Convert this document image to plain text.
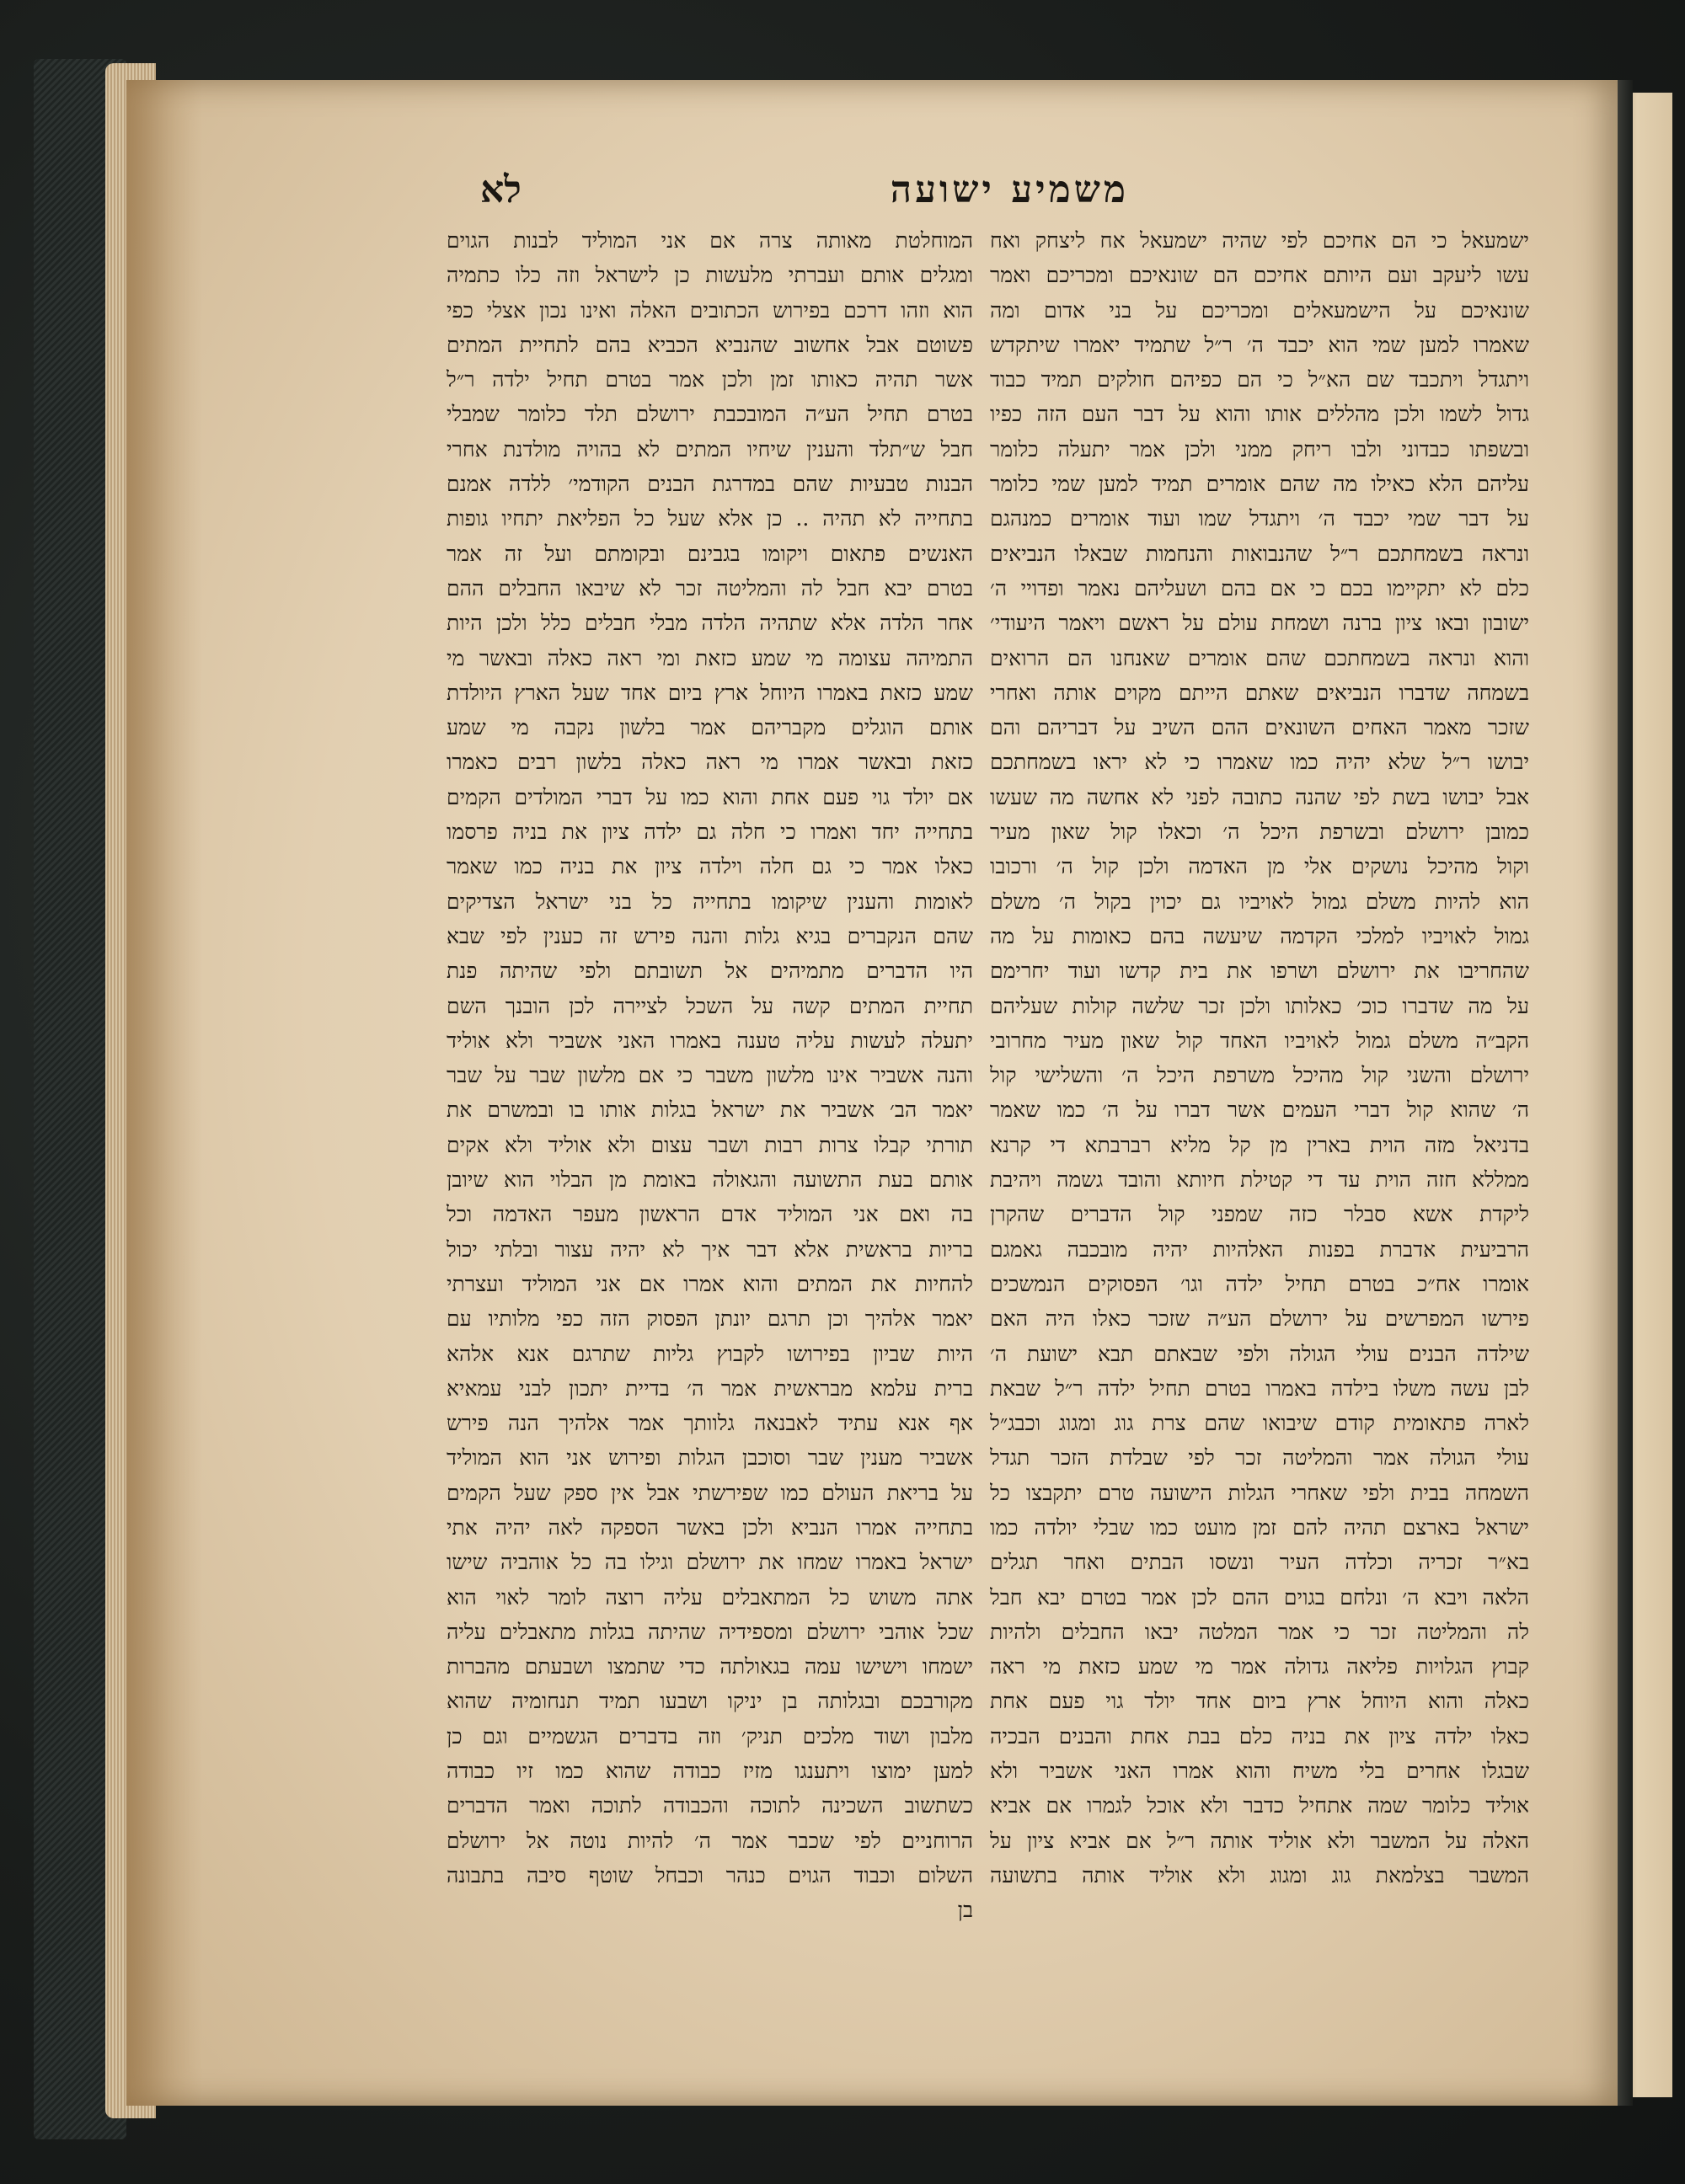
משמיע ישועה
לא
ישמעאל כי הם אחיכם לפי שהיה ישמעאל אח ליצחק ואח
עשו ליעקב ועם היותם אחיכם הם שונאיכם ומכריכם ואמר
שונאיכם על הישמעאלים ומכריכם על בני אדום ומה
שאמרו למען שמי הוא יכבד ה׳ ר״ל שתמיד יאמרו שיתקדש
ויתגדל ויתכבד שם הא״ל כי הם כפיהם חולקים תמיד כבוד
גדול לשמו ולכן מהללים אותו והוא על דבר העם הזה כפיו
ובשפתו כבדוני ולבו ריחק ממני ולכן אמר יתעלה כלומר
עליהם הלא כאילו מה שהם אומרים תמיד למען שמי כלומר
על דבר שמי יכבד ה׳ ויתגדל שמו ועוד אומרים כמנהגם
ונראה בשמחתכם ר״ל שהנבואות והנחמות שבאלו הנביאים
כלם לא יתקיימו בכם כי אם בהם ושעליהם נאמר ופדויי ה׳
ישובון ובאו ציון ברנה ושמחת עולם על ראשם ויאמר היעודי׳
והוא ונראה בשמחתכם שהם אומרים שאנחנו הם הרואים
בשמחה שדברו הנביאים שאתם הייתם מקוים אותה ואחרי
שזכר מאמר האחים השונאים ההם השיב על דבריהם והם
יבושו ר״ל שלא יהיה כמו שאמרו כי לא יראו בשמחתכם
אבל יבושו בשת לפי שהנה כתובה לפני לא אחשה מה שעשו
כמובן ירושלם ובשרפת היכל ה׳ וכאלו קול שאון מעיר
וקול מהיכל נושקים אלי מן האדמה ולכן קול ה׳ ורכובו
הוא להיות משלם גמול לאויביו גם יכוין בקול ה׳ משלם
גמול לאויביו למלכי הקדמה שיעשה בהם כאומות על מה
שהחריבו את ירושלם ושרפו את בית קדשו ועוד יחרימם
על מה שדברו כוכ׳ כאלותו ולכן זכר שלשה קולות שעליהם
הקב״ה משלם גמול לאויביו האחד קול שאון מעיר מחרובי
ירושלם והשני קול מהיכל משרפת היכל ה׳ והשלישי קול
ה׳ שהוא קול דברי העמים אשר דברו על ה׳ כמו שאמר
בדניאל מזה הוית בארין מן קל מליא רברבתא די קרנא
ממללא חזה הוית עד די קטילת חיותא והובד גשמה ויהיבת
ליקדת אשא סבלר כזה שמפני קול הדברים שהקרן
הרביעית אדברת בפנות האלהיות יהיה מובכבה גאמגם
אומרו אח״כ בטרם תחיל ילדה וגו׳ הפסוקים הנמשכים
פירשו המפרשים על ירושלם הע״ה שזכר כאלו היה האם
שילדה הבנים עולי הגולה ולפי שבאתם תבא ישועת ה׳
לבן עשה משלו בילדה באמרו בטרם תחיל ילדה ר״ל שבאת
לארה פתאומית קודם שיבואו שהם צרת גוג ומגוג וכבג״ל
עולי הגולה אמר והמליטה זכר לפי שבלדת הזכר תגדל
השמחה בבית ולפי שאחרי הגלות הישועה טרם יתקבצו כל
ישראל בארצם תהיה להם זמן מועט כמו שבלי יולדה כמו
בא״ר זכריה וכלדה העיר ונשסו הבתים ואחר תגלים
הלאה ויבא ה׳ ונלחם בגוים ההם לכן אמר בטרם יבא חבל
לה והמליטה זכר כי אמר המלטה יבאו החבלים ולהיות
קבוץ הגלויות פליאה גדולה אמר מי שמע כזאת מי ראה
כאלה והוא היוחל ארץ ביום אחד יולד גוי פעם אחת
כאלו ילדה ציון את בניה כלם בבת אחת והבנים הבכיה
שבגלו אחרים בלי משיח והוא אמרו האני אשביר ולא
אוליד כלומר שמה אתחיל כדבר ולא אוכל לגמרו אם אביא
האלה על המשבר ולא אוליד אותה ר״ל אם אביא ציון על
המשבר בצלמאת גוג ומגוג ולא אוליד אותה בתשועה
המוחלטת מאותה צרה אם אני המוליד לבנות הגוים
ומגלים אותם ועברתי מלעשות כן לישראל וזה כלו כתמיה
הוא וזהו דרכם בפירוש הכתובים האלה ואינו נכון אצלי כפי
פשוטם אבל אחשוב שהנביא הכביא בהם לתחיית המתים
אשר תהיה כאותו זמן ולכן אמר בטרם תחיל ילדה ר״ל
בטרם תחיל הע״ה המובכבת ירושלם תלד כלומר שמבלי
חבל ש״תלד והענין שיחיו המתים לא בהויה מולדנת אחרי
הבנות טבעיות שהם במדרגת הבנים הקודמי׳ ללדה אמנם
בתחייה לא תהיה .. כן אלא שעל כל הפליאת יתחיו גופות
האנשים פתאום ויקומו בגבינם ובקומתם ועל זה אמר
בטרם יבא חבל לה והמליטה זכר לא שיבאו החבלים ההם
אחר הלדה אלא שתהיה הלדה מבלי חבלים כלל ולכן היות
התמיהה עצומה מי שמע כזאת ומי ראה כאלה ובאשר מי
שמע כזאת באמרו היוחל ארץ ביום אחד שעל הארץ היולדת
אותם הוגלים מקבריהם אמר בלשון נקבה מי שמע
כזאת ובאשר אמרו מי ראה כאלה בלשון רבים כאמרו
אם יולד גוי פעם אחת והוא כמו על דברי המולדים הקמים
בתחייה יחד ואמרו כי חלה גם ילדה ציון את בניה פרסמו
כאלו אמר כי גם חלה וילדה ציון את בניה כמו שאמר
לאומות והענין שיקומו בתחייה כל בני ישראל הצדיקים
שהם הנקברים בגיא גלות והנה פירש זה כענין לפי שבא
היו הדברים מתמיהים אל תשובתם ולפי שהיתה פנת
תחיית המתים קשה על השכל לציירה לכן הובנך השם
יתעלה לעשות עליה טענה באמרו האני אשביר ולא אוליד
והנה אשביר אינו מלשון משבר כי אם מלשון שבר על שבר
יאמר הב׳ אשביר את ישראל בגלות אותו בו ובמשרם את
תורתי קבלו צרות רבות ושבר עצום ולא אוליד ולא אקים
אותם בעת התשועה והגאולה באומת מן הבלוי הוא שיובן
בה ואם אני המוליד אדם הראשון מעפר האדמה וכל
בריות בראשית אלא דבר איך לא יהיה עצור ובלתי יכול
להחיות את המתים והוא אמרו אם אני המוליד ועצרתי
יאמר אלהיך וכן תרגם יונתן הפסוק הזה כפי מלותיו עם
היות שביון בפירושו לקבוץ גליות שתרגם אנא אלהא
ברית עלמא מבראשית אמר ה׳ בדיית יתכון לבני עמאיא
אף אנא עתיד לאבנאה גלוותך אמר אלהיך הנה פירש
אשביר מענין שבר וסוכבן הגלות ופירוש אני הוא המוליד
על בריאת העולם כמו שפירשתי אבל אין ספק שעל הקמים
בתחייה אמרו הנביא ולכן באשר הספקה לאה יהיה אתי
ישראל באמרו שמחו את ירושלם וגילו בה כל אוהביה שישו
אתה משוש כל המתאבלים עליה רוצה לומר לאוי הוא
שכל אוהבי ירושלם ומספידיה שהיתה בגלות מתאבלים עליה
ישמחו וישישו עמה בגאולתה כדי שתמצו ושבעתם מהברות
מקורבכם ובגלותה בן יניקו ושבעו תמיד תנחומיה שהוא
מלבון ושוד מלכים תניק׳ וזה בדברים הגשמיים וגם כן
למען ימוצו ויתענגו מזיז כבודה שהוא כמו זיו כבודה
כשתשוב השכינה לתוכה והכבודה לתוכה ואמר הדברים
הרוחניים לפי שכבר אמר ה׳ להיות נוטה אל ירושלם
השלום וכבוד הגוים כנהר וכבחל שוטף סיבה בתבונה
בן
